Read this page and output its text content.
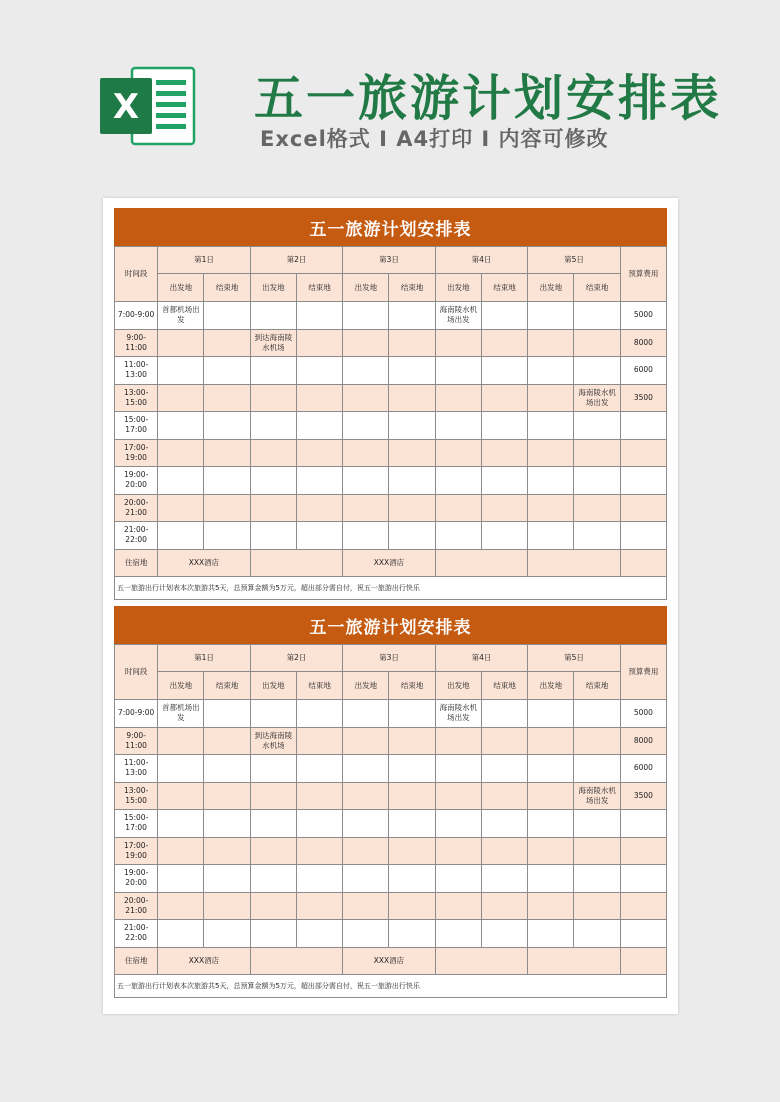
X 五一旅游计划安排表
Excel格式 I A4打印 I 内容可修改
五一旅游计划安排表
时间段	第1日		第2日		第3日		第4日		第5日		预算费用
	出发地	结束地	出发地	结束地	出发地	结束地	出发地	结束地	出发地	结束地	
7:00-9:00	首都机场出发						海南陵水机场出发				5000
9:00-11:00			到达海南陵水机场								8000
11:00-13:00											6000
13:00-15:00										海南陵水机场出发	3500
15:00-17:00											
17:00-19:00											
19:00-20:00											
20:00-21:00											
21:00-22:00											
住宿地	XXX酒店				XXX酒店						
五一旅游出行计划表本次旅游共5天，总预算金额为5万元，超出部分需自付，祝五一旅游出行快乐
五一旅游计划安排表
时间段	第1日		第2日		第3日		第4日		第5日		预算费用
	出发地	结束地	出发地	结束地	出发地	结束地	出发地	结束地	出发地	结束地	
7:00-9:00	首都机场出发						海南陵水机场出发				5000
9:00-11:00			到达海南陵水机场								8000
11:00-13:00											6000
13:00-15:00										海南陵水机场出发	3500
15:00-17:00											
17:00-19:00											
19:00-20:00											
20:00-21:00											
21:00-22:00											
住宿地	XXX酒店				XXX酒店						
五一旅游出行计划表本次旅游共5天，总预算金额为5万元，超出部分需自付，祝五一旅游出行快乐
